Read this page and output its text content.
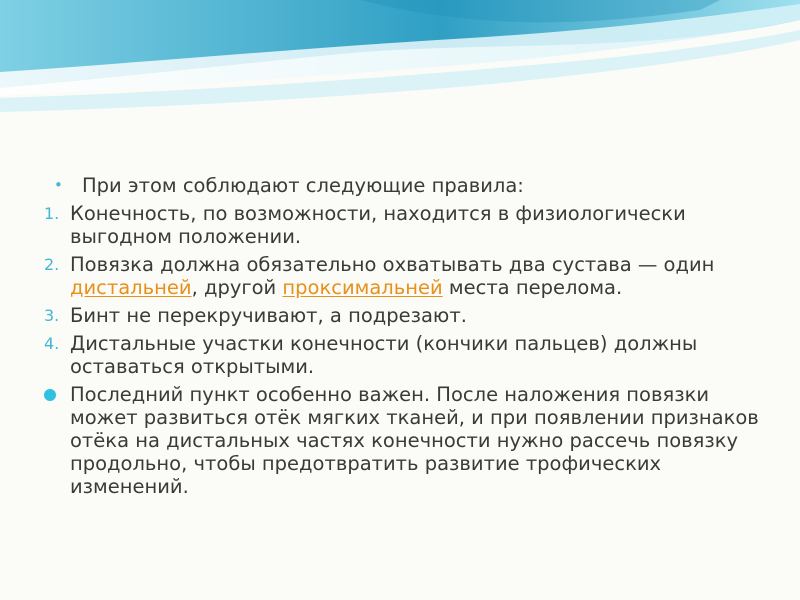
• При этом соблюдают следующие правила:
1. Конечность, по возможности, находится в физиологически выгодном положении.
2. Повязка должна обязательно охватывать два сустава — один дистальней, другой проксимальней места перелома.
3. Бинт не перекручивают, а подрезают.
4. Дистальные участки конечности (кончики пальцев) должны оставаться открытыми.
Последний пункт особенно важен. После наложения повязки может развиться отёк мягких тканей, и при появлении признаков отёка на дистальных частях конечности нужно рассечь повязку продольно, чтобы предотвратить развитие трофических изменений.
